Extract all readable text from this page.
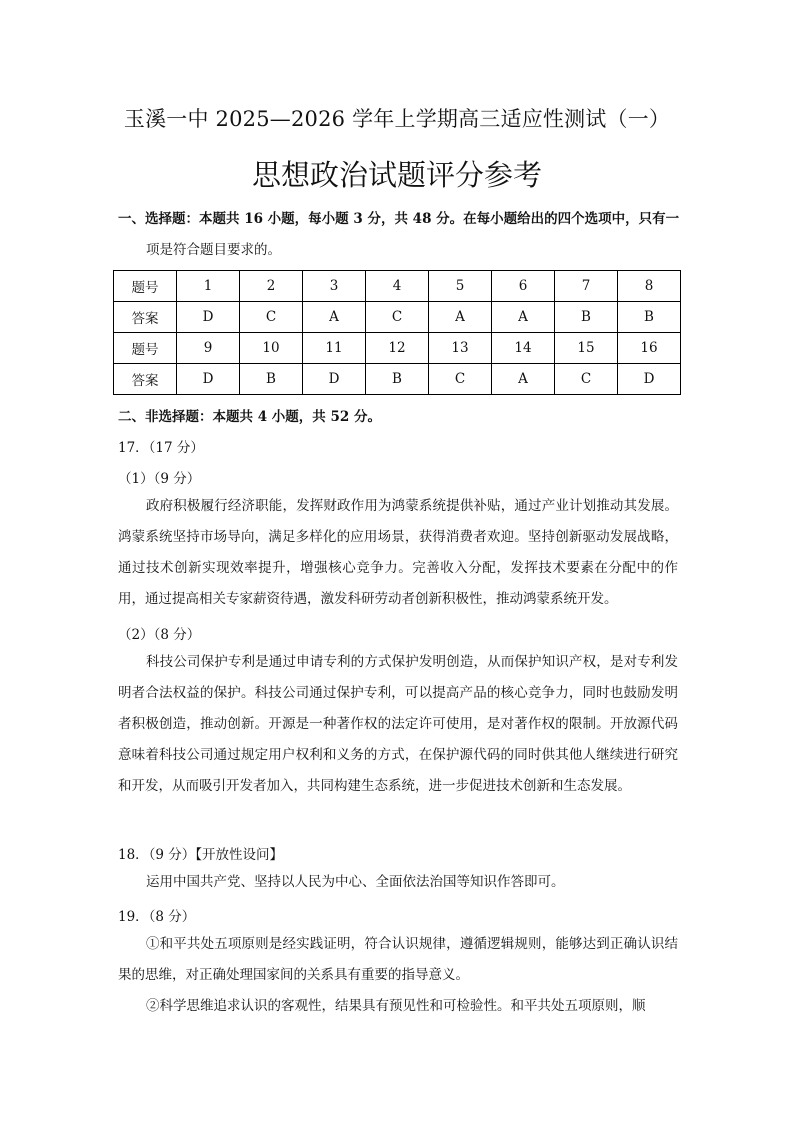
玉溪一中 2025—2026 学年上学期高三适应性测试（一）
思想政治试题评分参考
一、选择题：本题共 16 小题，每小题 3 分，共 48 分。在每小题给出的四个选项中，只有一
项是符合题目要求的。
题号	1	2	3	4	5	6	7	8
答案	D	C	A	C	A	A	B	B
题号	9	10	11	12	13	14	15	16
答案	D	B	D	B	C	A	C	D
二、非选择题：本题共 4 小题，共 52 分。
17．（17 分）
（1）（9 分）
政府积极履行经济职能，发挥财政作用为鸿蒙系统提供补贴，通过产业计划推动其发展。鸿蒙系统坚持市场导向，满足多样化的应用场景，获得消费者欢迎。坚持创新驱动发展战略，通过技术创新实现效率提升，增强核心竞争力。完善收入分配，发挥技术要素在分配中的作用，通过提高相关专家薪资待遇，激发科研劳动者创新积极性，推动鸿蒙系统开发。
（2）（8 分）
科技公司保护专利是通过申请专利的方式保护发明创造，从而保护知识产权，是对专利发明者合法权益的保护。科技公司通过保护专利，可以提高产品的核心竞争力，同时也鼓励发明者积极创造，推动创新。开源是一种著作权的法定许可使用，是对著作权的限制。开放源代码意味着科技公司通过规定用户权利和义务的方式，在保护源代码的同时供其他人继续进行研究和开发，从而吸引开发者加入，共同构建生态系统，进一步促进技术创新和生态发展。
18．（9 分）【开放性设问】
运用中国共产党、坚持以人民为中心、全面依法治国等知识作答即可。
19．（8 分）
①和平共处五项原则是经实践证明，符合认识规律，遵循逻辑规则，能够达到正确认识结果的思维，对正确处理国家间的关系具有重要的指导意义。
②科学思维追求认识的客观性，结果具有预见性和可检验性。和平共处五项原则，顺
